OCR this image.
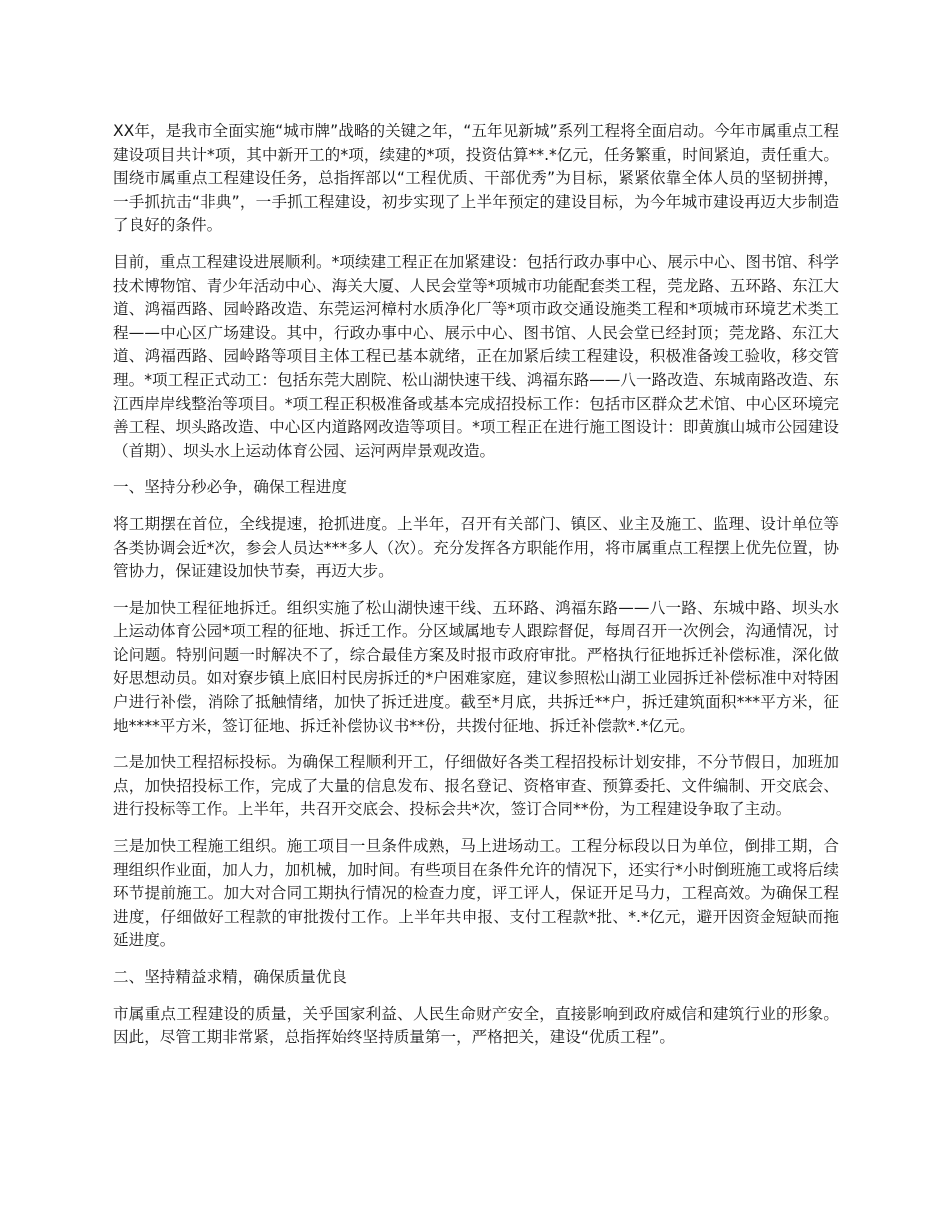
XX年，是我市全面实施“城市牌”战略的关键之年，“五年见新城”系列工程将全面启动。今年市属重点工程建设项目共计*项，其中新开工的*项，续建的*项，投资估算**.*亿元，任务繁重，时间紧迫，责任重大。围绕市属重点工程建设任务，总指挥部以“工程优质、干部优秀”为目标，紧紧依靠全体人员的坚韧拼搏，一手抓抗击“非典”，一手抓工程建设，初步实现了上半年预定的建设目标，为今年城市建设再迈大步制造了良好的条件。

目前，重点工程建设进展顺利。*项续建工程正在加紧建设：包括行政办事中心、展示中心、图书馆、科学技术博物馆、青少年活动中心、海关大厦、人民会堂等*项城市功能配套类工程，莞龙路、五环路、东江大道、鸿福西路、园岭路改造、东莞运河樟村水质净化厂等*项市政交通设施类工程和*项城市环境艺术类工程——中心区广场建设。其中，行政办事中心、展示中心、图书馆、人民会堂已经封顶；莞龙路、东江大道、鸿福西路、园岭路等项目主体工程已基本就绪，正在加紧后续工程建设，积极准备竣工验收，移交管理。*项工程正式动工：包括东莞大剧院、松山湖快速干线、鸿福东路——八一路改造、东城南路改造、东江西岸岸线整治等项目。*项工程正积极准备或基本完成招投标工作：包括市区群众艺术馆、中心区环境完善工程、坝头路改造、中心区内道路网改造等项目。*项工程正在进行施工图设计：即黄旗山城市公园建设（首期）、坝头水上运动体育公园、运河两岸景观改造。

一、坚持分秒必争，确保工程进度

将工期摆在首位，全线提速，抢抓进度。上半年，召开有关部门、镇区、业主及施工、监理、设计单位等各类协调会近*次，参会人员达***多人（次）。充分发挥各方职能作用，将市属重点工程摆上优先位置，协管协力，保证建设加快节奏，再迈大步。

一是加快工程征地拆迁。组织实施了松山湖快速干线、五环路、鸿福东路——八一路、东城中路、坝头水上运动体育公园*项工程的征地、拆迁工作。分区域属地专人跟踪督促，每周召开一次例会，沟通情况，讨论问题。特别问题一时解决不了，综合最佳方案及时报市政府审批。严格执行征地拆迁补偿标准，深化做好思想动员。如对寮步镇上底旧村民房拆迁的*户困难家庭，建议参照松山湖工业园拆迁补偿标准中对特困户进行补偿，消除了抵触情绪，加快了拆迁进度。截至*月底，共拆迁**户，拆迁建筑面积***平方米，征地****平方米，签订征地、拆迁补偿协议书**份，共拨付征地、拆迁补偿款*.*亿元。

二是加快工程招标投标。为确保工程顺利开工，仔细做好各类工程招投标计划安排，不分节假日，加班加点，加快招投标工作，完成了大量的信息发布、报名登记、资格审查、预算委托、文件编制、开交底会、进行投标等工作。上半年，共召开交底会、投标会共*次，签订合同**份，为工程建设争取了主动。

三是加快工程施工组织。施工项目一旦条件成熟，马上进场动工。工程分标段以日为单位，倒排工期，合理组织作业面，加人力，加机械，加时间。有些项目在条件允许的情况下，还实行*小时倒班施工或将后续环节提前施工。加大对合同工期执行情况的检查力度，评工评人，保证开足马力，工程高效。为确保工程进度，仔细做好工程款的审批拨付工作。上半年共申报、支付工程款*批、*.*亿元，避开因资金短缺而拖延进度。

二、坚持精益求精，确保质量优良

市属重点工程建设的质量，关乎国家利益、人民生命财产安全，直接影响到政府威信和建筑行业的形象。因此，尽管工期非常紧，总指挥始终坚持质量第一，严格把关，建设“优质工程”。
